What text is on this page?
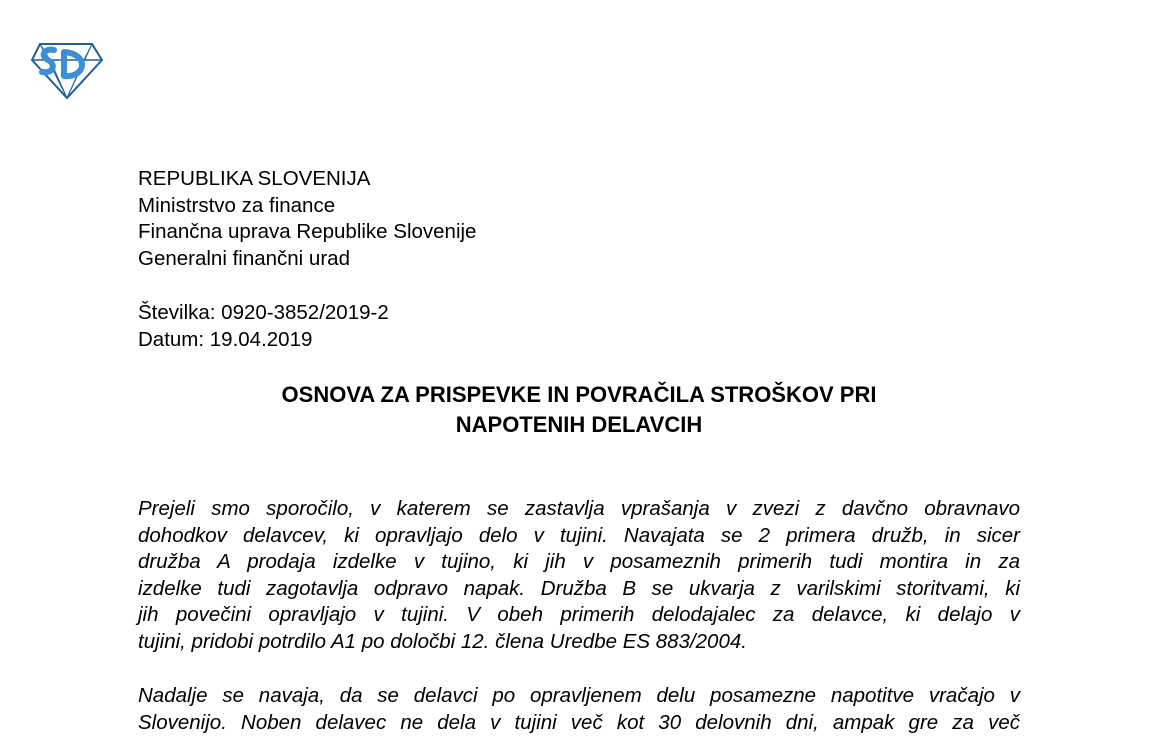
REPUBLIKA SLOVENIJA
Ministrstvo za finance
Finančna uprava Republike Slovenije
Generalni finančni urad
Številka: 0920-3852/2019-2
Datum: 19.04.2019
OSNOVA ZA PRISPEVKE IN POVRAČILA STROŠKOV PRI
NAPOTENIH DELAVCIH
Prejeli smo sporočilo, v katerem se zastavlja vprašanja v zvezi z davčno obravnavo
dohodkov delavcev, ki opravljajo delo v tujini. Navajata se 2 primera družb, in sicer
družba A prodaja izdelke v tujino, ki jih v posameznih primerih tudi montira in za
izdelke tudi zagotavlja odpravo napak. Družba B se ukvarja z varilskimi storitvami, ki
jih povečini opravljajo v tujini. V obeh primerih delodajalec za delavce, ki delajo v
tujini, pridobi potrdilo A1 po določbi 12. člena Uredbe ES 883/2004.
Nadalje se navaja, da se delavci po opravljenem delu posamezne napotitve vračajo v
Slovenijo. Noben delavec ne dela v tujini več kot 30 delovnih dni, ampak gre za več
